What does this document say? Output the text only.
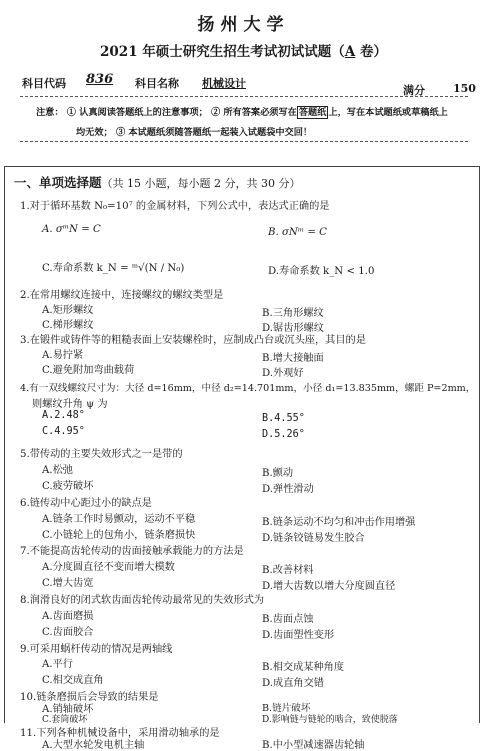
扬州大学
2021 年硕士研究生招生考试初试试题（A 卷）
科目代码 836 科目名称 机械设计
满分	150
注意： ① 认真阅读答题纸上的注意事项； ② 所有答案必须写在 答题纸 上，写在本试题纸或草稿纸上
均无效； ③ 本试题纸须随答题纸一起装入试题袋中交回！
一、单项选择题（共 15 小题，每小题 2 分，共 30 分）
1.对于循环基数 N₀=10⁷ 的金属材料，下列公式中，表达式正确的是
A. σᵐN = C	B. σNᵐ = C
C.寿命系数 k_N = ᵐ√(N / N₀)	D.寿命系数 k_N < 1.0
2.在常用螺纹连接中，连接螺纹的螺纹类型是
A.矩形螺纹	B.三角形螺纹
C.梯形螺纹	D.锯齿形螺纹
3.在锻件或铸件等的粗糙表面上安装螺栓时，应制成凸台或沉头座，其目的是
A.易拧紧	B.增大接触面
C.避免附加弯曲载荷	D.外观好
4.有一双线螺纹尺寸为：大径 d=16mm，中径 d₂=14.701mm，小径 d₁=13.835mm，螺距 P=2mm，
则螺纹升角 ψ 为
A.2.48°	B.4.55°
C.4.95°	D.5.26°
5.带传动的主要失效形式之一是带的
A.松弛	B.颤动
C.疲劳破坏	D.弹性滑动
6.链传动中心距过小的缺点是
A.链条工作时易颤动，运动不平稳	B.链条运动不均匀和冲击作用增强
C.小链轮上的包角小，链条磨损快	D.链条铰链易发生胶合
7.不能提高齿轮传动的齿面接触承载能力的方法是
A.分度圆直径不变而增大模数	B.改善材料
C.增大齿宽	D.增大齿数以增大分度圆直径
8.润滑良好的闭式软齿面齿轮传动最常见的失效形式为
A.齿面磨损	B.齿面点蚀
C.齿面胶合	D.齿面塑性变形
9.可采用蜗杆传动的情况是两轴线
A.平行	B.相交成某种角度
C.相交成直角	D.成直角交错
10.链条磨损后会导致的结果是
A.销轴破坏	B.链片破坏
C.套筒破坏	D.影响链与链轮的啮合，致使脱落
11.下列各种机械设备中，采用滑动轴承的是
A.大型水轮发电机主轴	B.中小型减速器齿轮轴
